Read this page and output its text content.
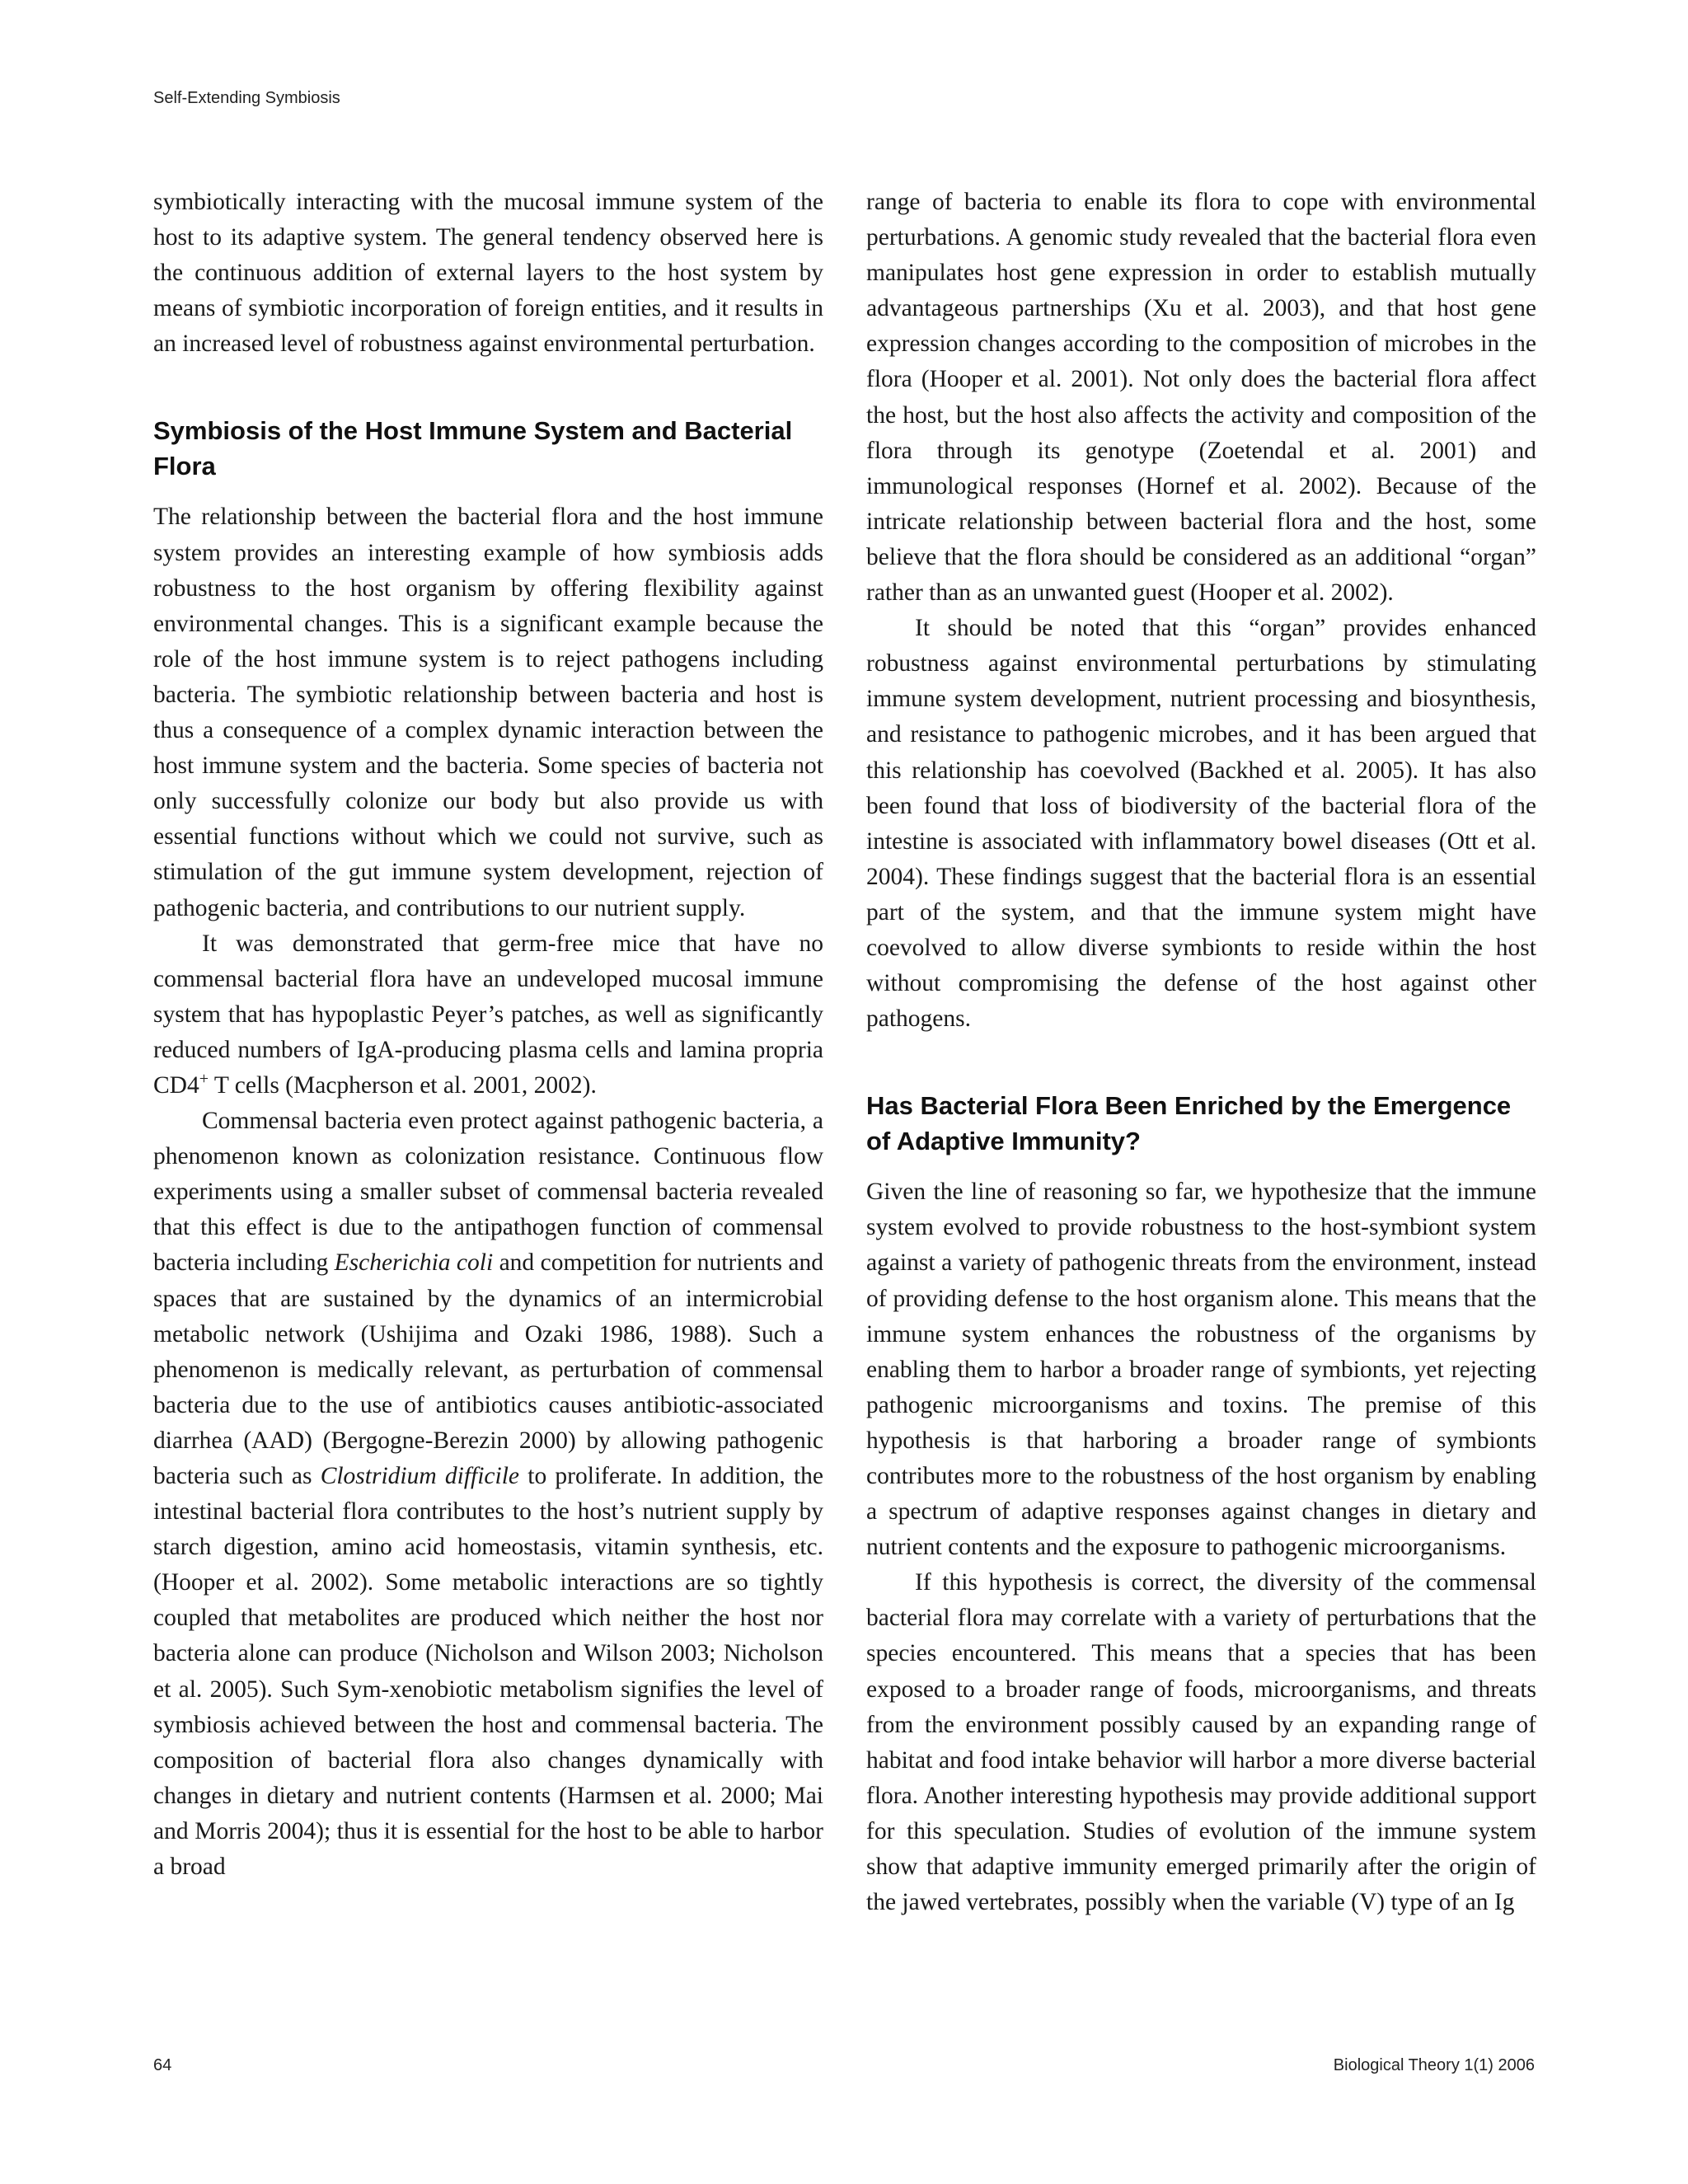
Self-Extending Symbiosis

symbiotically interacting with the mucosal immune system of the host to its adaptive system. The general tendency observed here is the continuous addition of external layers to the host system by means of symbiotic incorporation of foreign entities, and it results in an increased level of robustness against environmental perturbation.

Symbiosis of the Host Immune System and Bacterial Flora

The relationship between the bacterial flora and the host immune system provides an interesting example of how symbiosis adds robustness to the host organism by offering flexibility against environmental changes. This is a significant example because the role of the host immune system is to reject pathogens including bacteria. The symbiotic relationship between bacteria and host is thus a consequence of a complex dynamic interaction between the host immune system and the bacteria. Some species of bacteria not only successfully colonize our body but also provide us with essential functions without which we could not survive, such as stimulation of the gut immune system development, rejection of pathogenic bacteria, and contributions to our nutrient supply.

It was demonstrated that germ-free mice that have no commensal bacterial flora have an undeveloped mucosal immune system that has hypoplastic Peyer’s patches, as well as significantly reduced numbers of IgA-producing plasma cells and lamina propria CD4+ T cells (Macpherson et al. 2001, 2002).

Commensal bacteria even protect against pathogenic bacteria, a phenomenon known as colonization resistance. Continuous flow experiments using a smaller subset of commensal bacteria revealed that this effect is due to the antipathogen function of commensal bacteria including Escherichia coli and competition for nutrients and spaces that are sustained by the dynamics of an intermicrobial metabolic network (Ushijima and Ozaki 1986, 1988). Such a phenomenon is medically relevant, as perturbation of commensal bacteria due to the use of antibiotics causes antibiotic-associated diarrhea (AAD) (Bergogne-Berezin 2000) by allowing pathogenic bacteria such as Clostridium difficile to proliferate. In addition, the intestinal bacterial flora contributes to the host’s nutrient supply by starch digestion, amino acid homeostasis, vitamin synthesis, etc. (Hooper et al. 2002). Some metabolic interactions are so tightly coupled that metabolites are produced which neither the host nor bacteria alone can produce (Nicholson and Wilson 2003; Nicholson et al. 2005). Such Sym-xenobiotic metabolism signifies the level of symbiosis achieved between the host and commensal bacteria. The composition of bacterial flora also changes dynamically with changes in dietary and nutrient contents (Harmsen et al. 2000; Mai and Morris 2004); thus it is essential for the host to be able to harbor a broad

range of bacteria to enable its flora to cope with environmental perturbations. A genomic study revealed that the bacterial flora even manipulates host gene expression in order to establish mutually advantageous partnerships (Xu et al. 2003), and that host gene expression changes according to the composition of microbes in the flora (Hooper et al. 2001). Not only does the bacterial flora affect the host, but the host also affects the activity and composition of the flora through its genotype (Zoetendal et al. 2001) and immunological responses (Hornef et al. 2002). Because of the intricate relationship between bacterial flora and the host, some believe that the flora should be considered as an additional “organ” rather than as an unwanted guest (Hooper et al. 2002).

It should be noted that this “organ” provides enhanced robustness against environmental perturbations by stimulating immune system development, nutrient processing and biosynthesis, and resistance to pathogenic microbes, and it has been argued that this relationship has coevolved (Backhed et al. 2005). It has also been found that loss of biodiversity of the bacterial flora of the intestine is associated with inflammatory bowel diseases (Ott et al. 2004). These findings suggest that the bacterial flora is an essential part of the system, and that the immune system might have coevolved to allow diverse symbionts to reside within the host without compromising the defense of the host against other pathogens.

Has Bacterial Flora Been Enriched by the Emergence of Adaptive Immunity?

Given the line of reasoning so far, we hypothesize that the immune system evolved to provide robustness to the host-symbiont system against a variety of pathogenic threats from the environment, instead of providing defense to the host organism alone. This means that the immune system enhances the robustness of the organisms by enabling them to harbor a broader range of symbionts, yet rejecting pathogenic microorganisms and toxins. The premise of this hypothesis is that harboring a broader range of symbionts contributes more to the robustness of the host organism by enabling a spectrum of adaptive responses against changes in dietary and nutrient contents and the exposure to pathogenic microorganisms.

If this hypothesis is correct, the diversity of the commensal bacterial flora may correlate with a variety of perturbations that the species encountered. This means that a species that has been exposed to a broader range of foods, microorganisms, and threats from the environment possibly caused by an expanding range of habitat and food intake behavior will harbor a more diverse bacterial flora. Another interesting hypothesis may provide additional support for this speculation. Studies of evolution of the immune system show that adaptive immunity emerged primarily after the origin of the jawed vertebrates, possibly when the variable (V) type of an Ig

64	Biological Theory 1(1) 2006
